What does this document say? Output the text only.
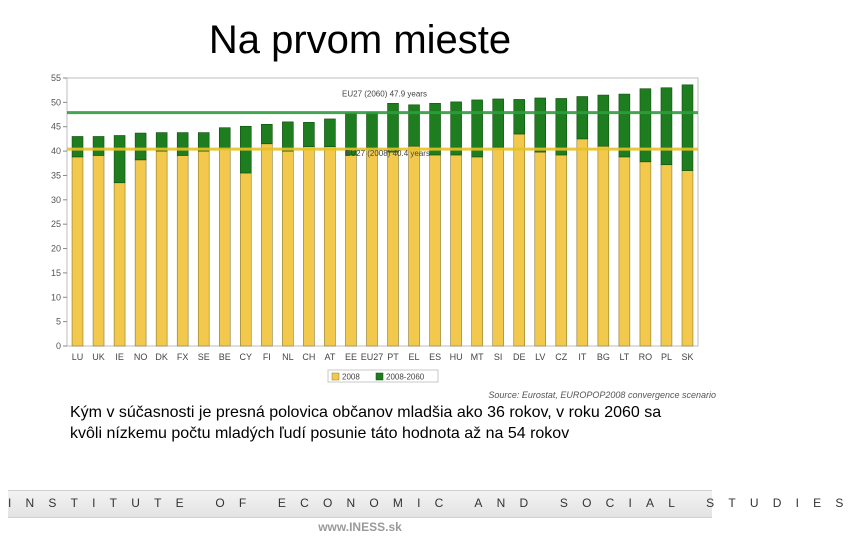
Na prvom mieste
0
5
10
15
20
25
30
35
40
45
50
55
LU UK IE NO DK FX SE BE CY FI NL CH AT EE EU27 PT EL ES HU MT SI DE LV CZ IT BG LT RO PL SK
EU27 (2060) 47.9 years
EU27 (2008) 40.4 years
2008	2008-2060
Source: Eurostat, EUROPOP2008 convergence scenario
Kým v súčasnosti je presná polovica občanov mladšia ako 36 rokov, v roku 2060 sa kvôli nízkemu počtu mladých ľudí posunie táto hodnota až na 54 rokov
INSTITUTE OF ECONOMIC AND SOCIAL STUDIES
www.INESS.sk
